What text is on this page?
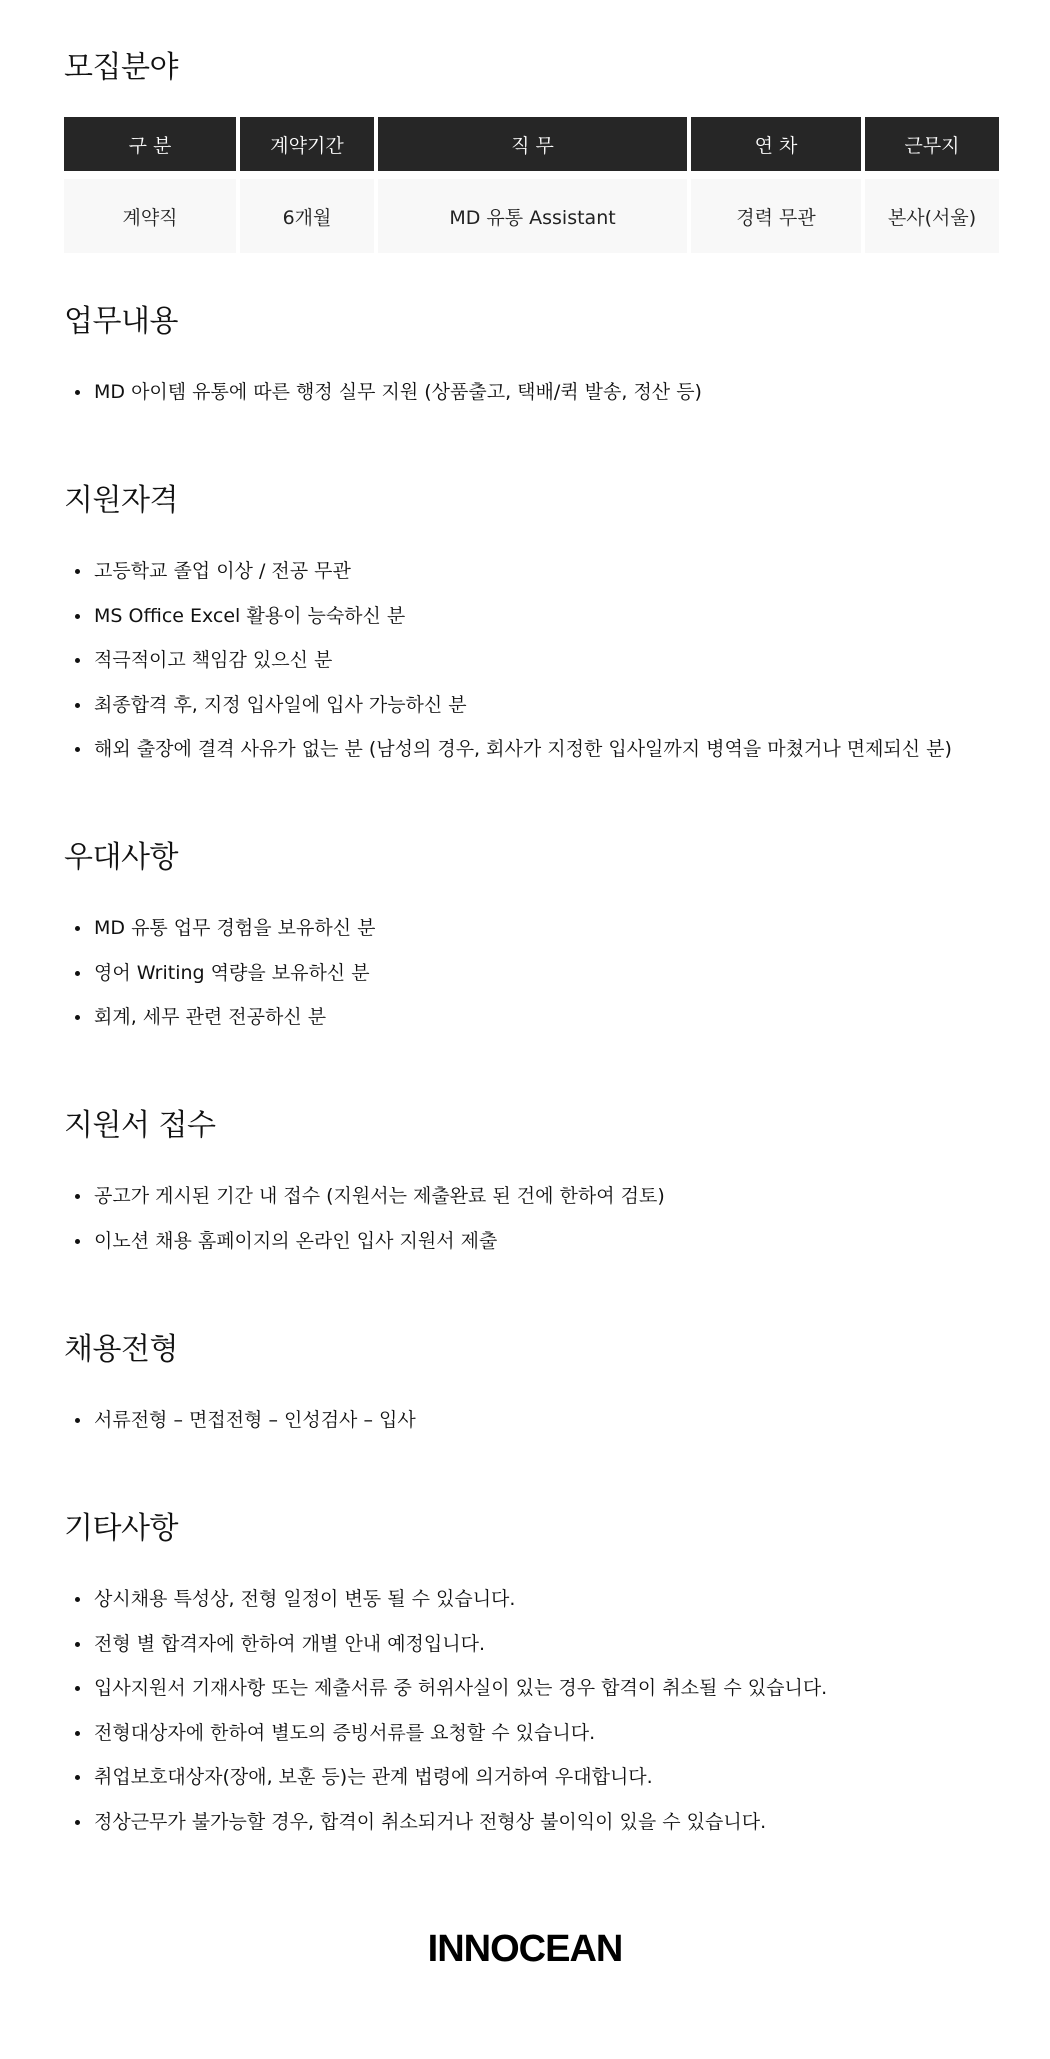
모집분야
구 분	계약기간	직 무	연 차	근무지
계약직	6개월	MD 유통 Assistant	경력 무관	본사(서울)
업무내용
MD 아이템 유통에 따른 행정 실무 지원 (상품출고, 택배/퀵 발송, 정산 등)
지원자격
고등학교 졸업 이상 / 전공 무관
MS Office Excel 활용이 능숙하신 분
적극적이고 책임감 있으신 분
최종합격 후, 지정 입사일에 입사 가능하신 분
해외 출장에 결격 사유가 없는 분 (남성의 경우, 회사가 지정한 입사일까지 병역을 마쳤거나 면제되신 분)
우대사항
MD 유통 업무 경험을 보유하신 분
영어 Writing 역량을 보유하신 분
회계, 세무 관련 전공하신 분
지원서 접수
공고가 게시된 기간 내 접수 (지원서는 제출완료 된 건에 한하여 검토)
이노션 채용 홈페이지의 온라인 입사 지원서 제출
채용전형
서류전형 – 면접전형 – 인성검사 – 입사
기타사항
상시채용 특성상, 전형 일정이 변동 될 수 있습니다.
전형 별 합격자에 한하여 개별 안내 예정입니다.
입사지원서 기재사항 또는 제출서류 중 허위사실이 있는 경우 합격이 취소될 수 있습니다.
전형대상자에 한하여 별도의 증빙서류를 요청할 수 있습니다.
취업보호대상자(장애, 보훈 등)는 관계 법령에 의거하여 우대합니다.
정상근무가 불가능할 경우, 합격이 취소되거나 전형상 불이익이 있을 수 있습니다.
INNOCEAN
